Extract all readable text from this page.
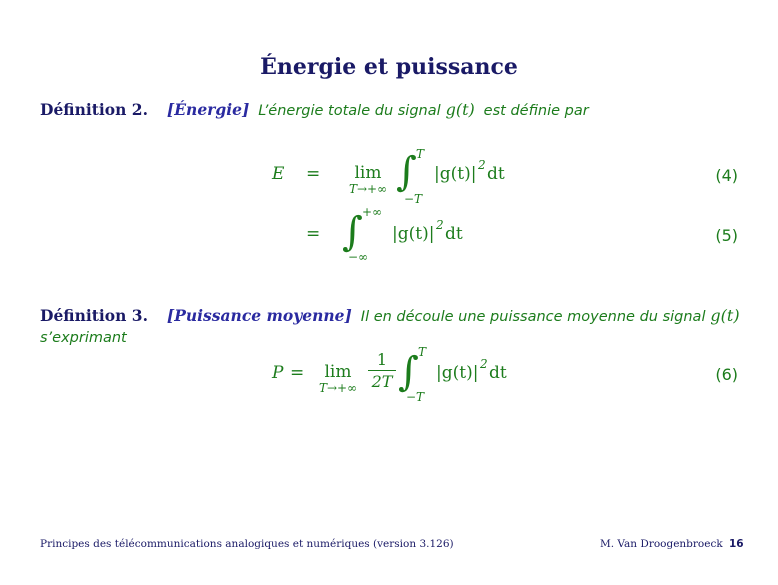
Énergie et puissance
Définition 2. [Énergie] L’énergie totale du signal g(t) est définie par
E =	lim
T→+∞ ∫ T
−T
|g(t)| 2 dt	(4)
= ∫ +∞
−∞
|g(t)| 2 dt	(5)
Définition 3. [Puissance moyenne] Il en découle une puissance moyenne du signal g(t)
s’exprimant
P =	lim
T→+∞
1
2T ∫ T
−T
|g(t)| 2 dt	(6)
Principes des télécommunications analogiques et numériques (version 3.126)	M. Van Droogenbroeck 16
